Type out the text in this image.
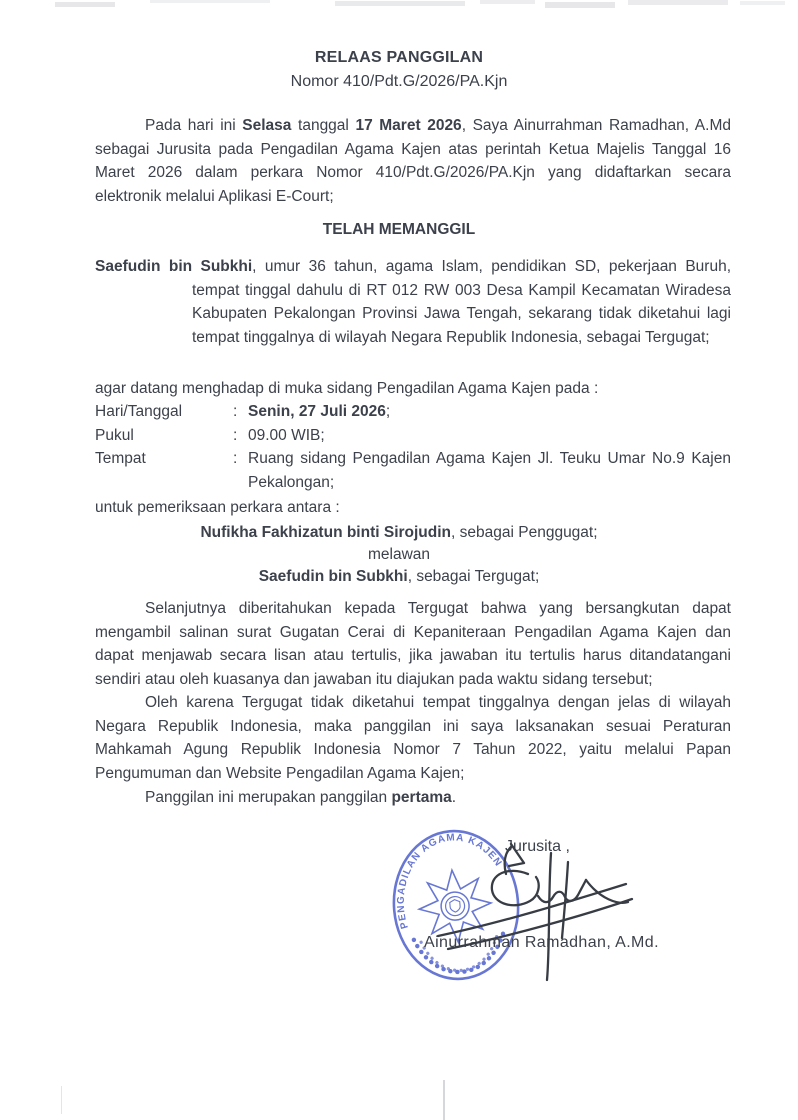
RELAAS PANGGILAN
Nomor 410/Pdt.G/2026/PA.Kjn

Pada hari ini Selasa tanggal 17 Maret 2026, Saya Ainurrahman Ramadhan, A.Md sebagai Jurusita pada Pengadilan Agama Kajen atas perintah Ketua Majelis Tanggal 16 Maret 2026 dalam perkara Nomor 410/Pdt.G/2026/PA.Kjn yang didaftarkan secara elektronik melalui Aplikasi E-Court;

TELAH MEMANGGIL

Saefudin bin Subkhi, umur 36 tahun, agama Islam, pendidikan SD, pekerjaan Buruh, tempat tinggal dahulu di RT 012 RW 003 Desa Kampil Kecamatan Wiradesa Kabupaten Pekalongan Provinsi Jawa Tengah, sekarang tidak diketahui lagi tempat tinggalnya di wilayah Negara Republik Indonesia, sebagai Tergugat;

agar datang menghadap di muka sidang Pengadilan Agama Kajen pada :
Hari/Tanggal	: Senin, 27 Juli 2026;
Pukul	: 09.00 WIB;
Tempat	: Ruang sidang Pengadilan Agama Kajen Jl. Teuku Umar No.9 Kajen Pekalongan;
untuk pemeriksaan perkara antara :
Nufikha Fakhizatun binti Sirojudin, sebagai Penggugat;
melawan
Saefudin bin Subkhi, sebagai Tergugat;

Selanjutnya diberitahukan kepada Tergugat bahwa yang bersangkutan dapat mengambil salinan surat Gugatan Cerai di Kepaniteraan Pengadilan Agama Kajen dan dapat menjawab secara lisan atau tertulis, jika jawaban itu tertulis harus ditandatangani sendiri atau oleh kuasanya dan jawaban itu diajukan pada waktu sidang tersebut;

Oleh karena Tergugat tidak diketahui tempat tinggalnya dengan jelas di wilayah Negara Republik Indonesia, maka panggilan ini saya laksanakan sesuai Peraturan Mahkamah Agung Republik Indonesia Nomor 7 Tahun 2022, yaitu melalui Papan Pengumuman dan Website Pengadilan Agama Kajen;

Panggilan ini merupakan panggilan pertama.

PENGADILAN AGAMA KAJEN
Jurusita ,
Ainurrahman Ramadhan, A.Md.
